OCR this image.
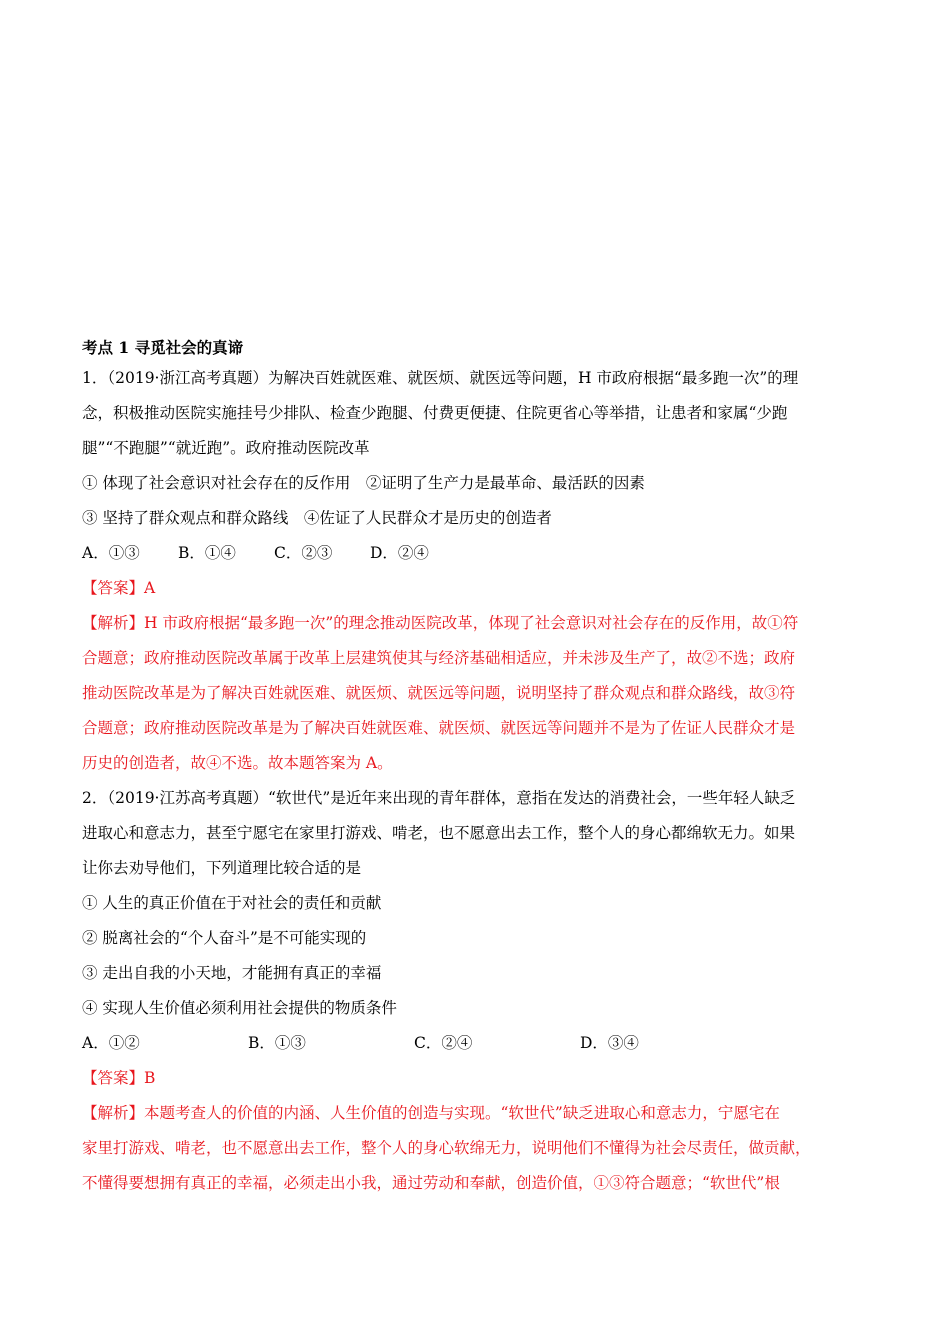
考点 1 寻觅社会的真谛
1．（2019·浙江高考真题）为解决百姓就医难、就医烦、就医远等问题，H 市政府根据“最多跑一次”的理
念，积极推动医院实施挂号少排队、检查少跑腿、付费更便捷、住院更省心等举措，让患者和家属“少跑
腿”“不跑腿”“就近跑”。政府推动医院改革
① 体现了社会意识对社会存在的反作用　②证明了生产力是最革命、最活跃的因素
③ 坚持了群众观点和群众路线　④佐证了人民群众才是历史的创造者
A．①③ B．①④ C．②③ D．②④
【答案】A
【解析】H 市政府根据“最多跑一次”的理念推动医院改革，体现了社会意识对社会存在的反作用，故①符
合题意；政府推动医院改革属于改革上层建筑使其与经济基础相适应，并未涉及生产了，故②不选；政府
推动医院改革是为了解决百姓就医难、就医烦、就医远等问题，说明坚持了群众观点和群众路线，故③符
合题意；政府推动医院改革是为了解决百姓就医难、就医烦、就医远等问题并不是为了佐证人民群众才是
历史的创造者，故④不选。故本题答案为 A。
2．（2019·江苏高考真题）“软世代”是近年来出现的青年群体，意指在发达的消费社会，一些年轻人缺乏
进取心和意志力，甚至宁愿宅在家里打游戏、啃老，也不愿意出去工作，整个人的身心都绵软无力。如果
让你去劝导他们，下列道理比较合适的是
① 人生的真正价值在于对社会的责任和贡献
② 脱离社会的“个人奋斗”是不可能实现的
③ 走出自我的小天地，才能拥有真正的幸福
④ 实现人生价值必须利用社会提供的物质条件
A．①②	B．①③	C．②④	D．③④
【答案】B
【解析】本题考查人的价值的内涵、人生价值的创造与实现。“软世代”缺乏进取心和意志力，宁愿宅在
家里打游戏、啃老，也不愿意出去工作，整个人的身心软绵无力，说明他们不懂得为社会尽责任，做贡献，
不懂得要想拥有真正的幸福，必须走出小我，通过劳动和奉献，创造价值，①③符合题意；“软世代”根
